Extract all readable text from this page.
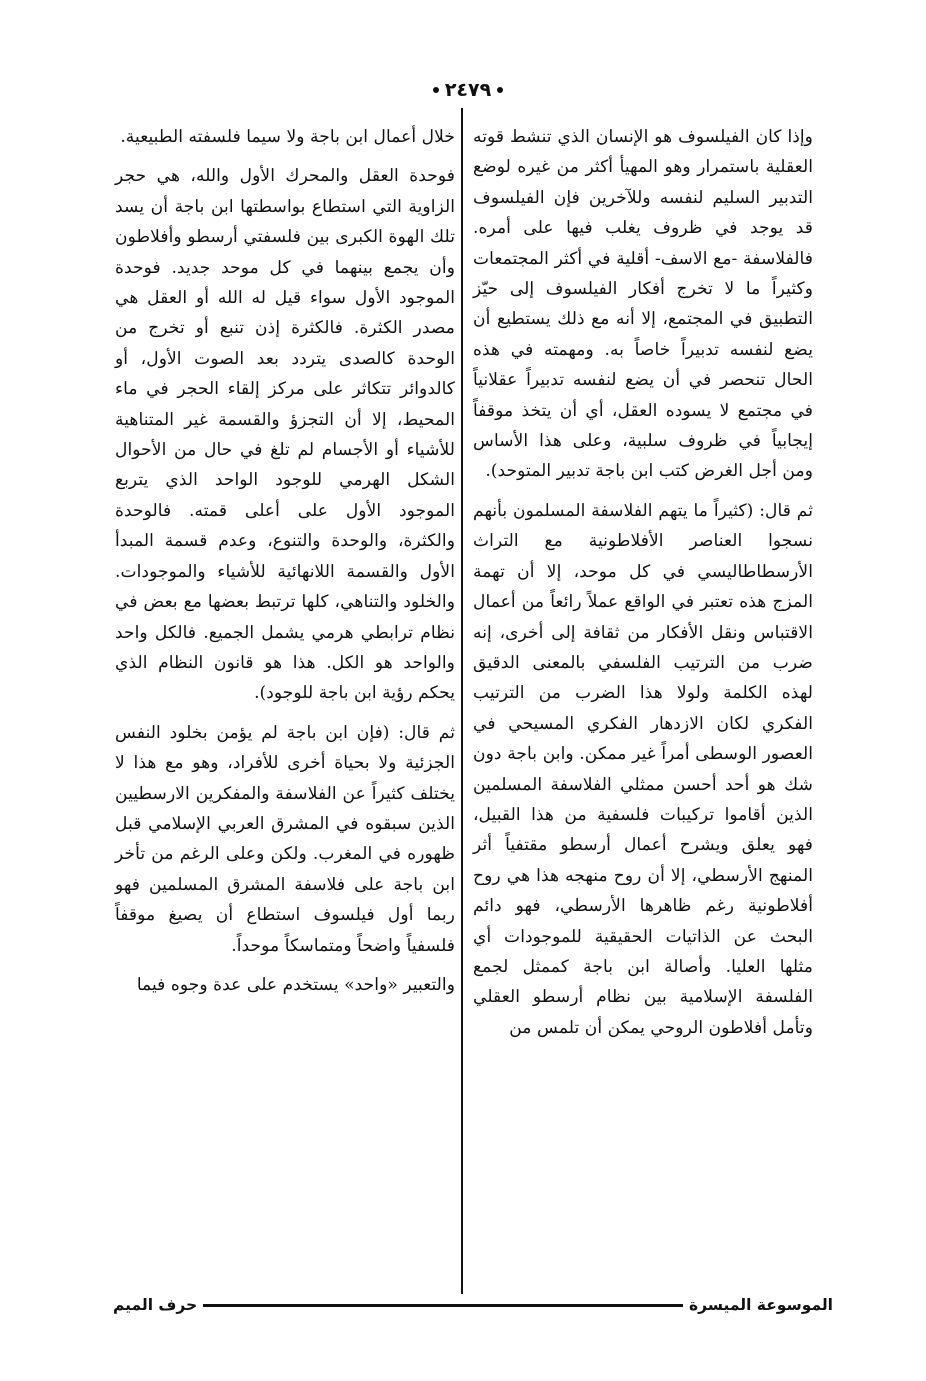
٢٤٧٩

وإذا كان الفيلسوف هو الإنسان الذي تنشط قوته العقلية باستمرار وهو المهيأ أكثر من غيره لوضع التدبير السليم لنفسه وللآخرين فإن الفيلسوف قد يوجد في ظروف يغلب فيها على أمره. فالفلاسفة -مع الاسف- أقلية في أكثر المجتمعات وكثيراً ما لا تخرج أفكار الفيلسوف إلى حيّز التطبيق في المجتمع، إلا أنه مع ذلك يستطيع أن يضع لنفسه تدبيراً خاصاً به. ومهمته في هذه الحال تنحصر في أن يضع لنفسه تدبيراً عقلانياً في مجتمع لا يسوده العقل، أي أن يتخذ موقفاً إيجابياً في ظروف سلبية، وعلى هذا الأساس ومن أجل الغرض كتب ابن باجة تدبير المتوحد).

ثم قال: (كثيراً ما يتهم الفلاسفة المسلمون بأنهم نسجوا العناصر الأفلاطونية مع التراث الأرسطاطاليسي في كل موحد، إلا أن تهمة المزج هذه تعتبر في الواقع عملاً رائعاً من أعمال الاقتباس ونقل الأفكار من ثقافة إلى أخرى، إنه ضرب من الترتيب الفلسفي بالمعنى الدقيق لهذه الكلمة ولولا هذا الضرب من الترتيب الفكري لكان الازدهار الفكري المسيحي في العصور الوسطى أمراً غير ممكن. وابن باجة دون شك هو أحد أحسن ممثلي الفلاسفة المسلمين الذين أقاموا تركيبات فلسفية من هذا القبيل، فهو يعلق ويشرح أعمال أرسطو مقتفياً أثر المنهج الأرسطي، إلا أن روح منهجه هذا هي روح أفلاطونية رغم ظاهرها الأرسطي، فهو دائم البحث عن الذاتيات الحقيقية للموجودات أي مثلها العليا. وأصالة ابن باجة كممثل لجمع الفلسفة الإسلامية بين نظام أرسطو العقلي وتأمل أفلاطون الروحي يمكن أن تلمس من

خلال أعمال ابن باجة ولا سيما فلسفته الطبيعية.

فوحدة العقل والمحرك الأول والله، هي حجر الزاوية التي استطاع بواسطتها ابن باجة أن يسد تلك الهوة الكبرى بين فلسفتي أرسطو وأفلاطون وأن يجمع بينهما في كل موحد جديد. فوحدة الموجود الأول سواء قيل له الله أو العقل هي مصدر الكثرة. فالكثرة إذن تنبع أو تخرج من الوحدة كالصدى يتردد بعد الصوت الأول، أو كالدوائر تتكاثر على مركز إلقاء الحجر في ماء المحيط، إلا أن التجزؤ والقسمة غير المتناهية للأشياء أو الأجسام لم تلغ في حال من الأحوال الشكل الهرمي للوجود الواحد الذي يتربع الموجود الأول على أعلى قمته. فالوحدة والكثرة، والوحدة والتنوع، وعدم قسمة المبدأ الأول والقسمة اللانهائية للأشياء والموجودات. والخلود والتناهي، كلها ترتبط بعضها مع بعض في نظام ترابطي هرمي يشمل الجميع. فالكل واحد والواحد هو الكل. هذا هو قانون النظام الذي يحكم رؤية ابن باجة للوجود).

ثم قال: (فإن ابن باجة لم يؤمن بخلود النفس الجزئية ولا بحياة أخرى للأفراد، وهو مع هذا لا يختلف كثيراً عن الفلاسفة والمفكرين الارسطيين الذين سبقوه في المشرق العربي الإسلامي قبل ظهوره في المغرب. ولكن وعلى الرغم من تأخر ابن باجة على فلاسفة المشرق المسلمين فهو ربما أول فيلسوف استطاع أن يصيغ موقفاً فلسفياً واضحاً ومتماسكاً موحداً.

والتعبير «واحد» يستخدم على عدة وجوه فيما

الموسوعة الميسرة
حرف الميم
